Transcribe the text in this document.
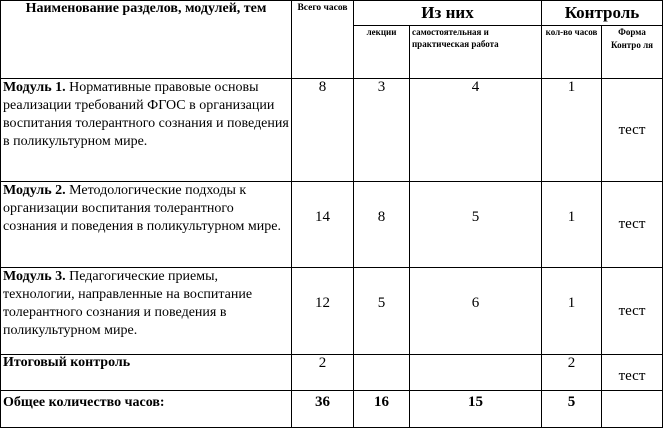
Наименование разделов, модулей, тем	Всего часов	Из них		Контроль	
		лекции	самостоятельная и практическая работа	кол-во часов	Форма Контро ля
Модуль 1. Нормативные правовые основы реализации требований ФГОС в организации воспитания толерантного сознания и поведения в поликультурном мире.	8	3	4	1	тест
Модуль 2. Методологические подходы к организации воспитания толерантного сознания и поведения в поликультурном мире.	14	8	5	1	тест
Модуль 3. Педагогические приемы, технологии, направленные на воспитание толерантного сознания и поведения в поликультурном мире.	12	5	6	1	тест
Итоговый контроль	2			2	тест
Общее количество часов:	36	16	15	5	
